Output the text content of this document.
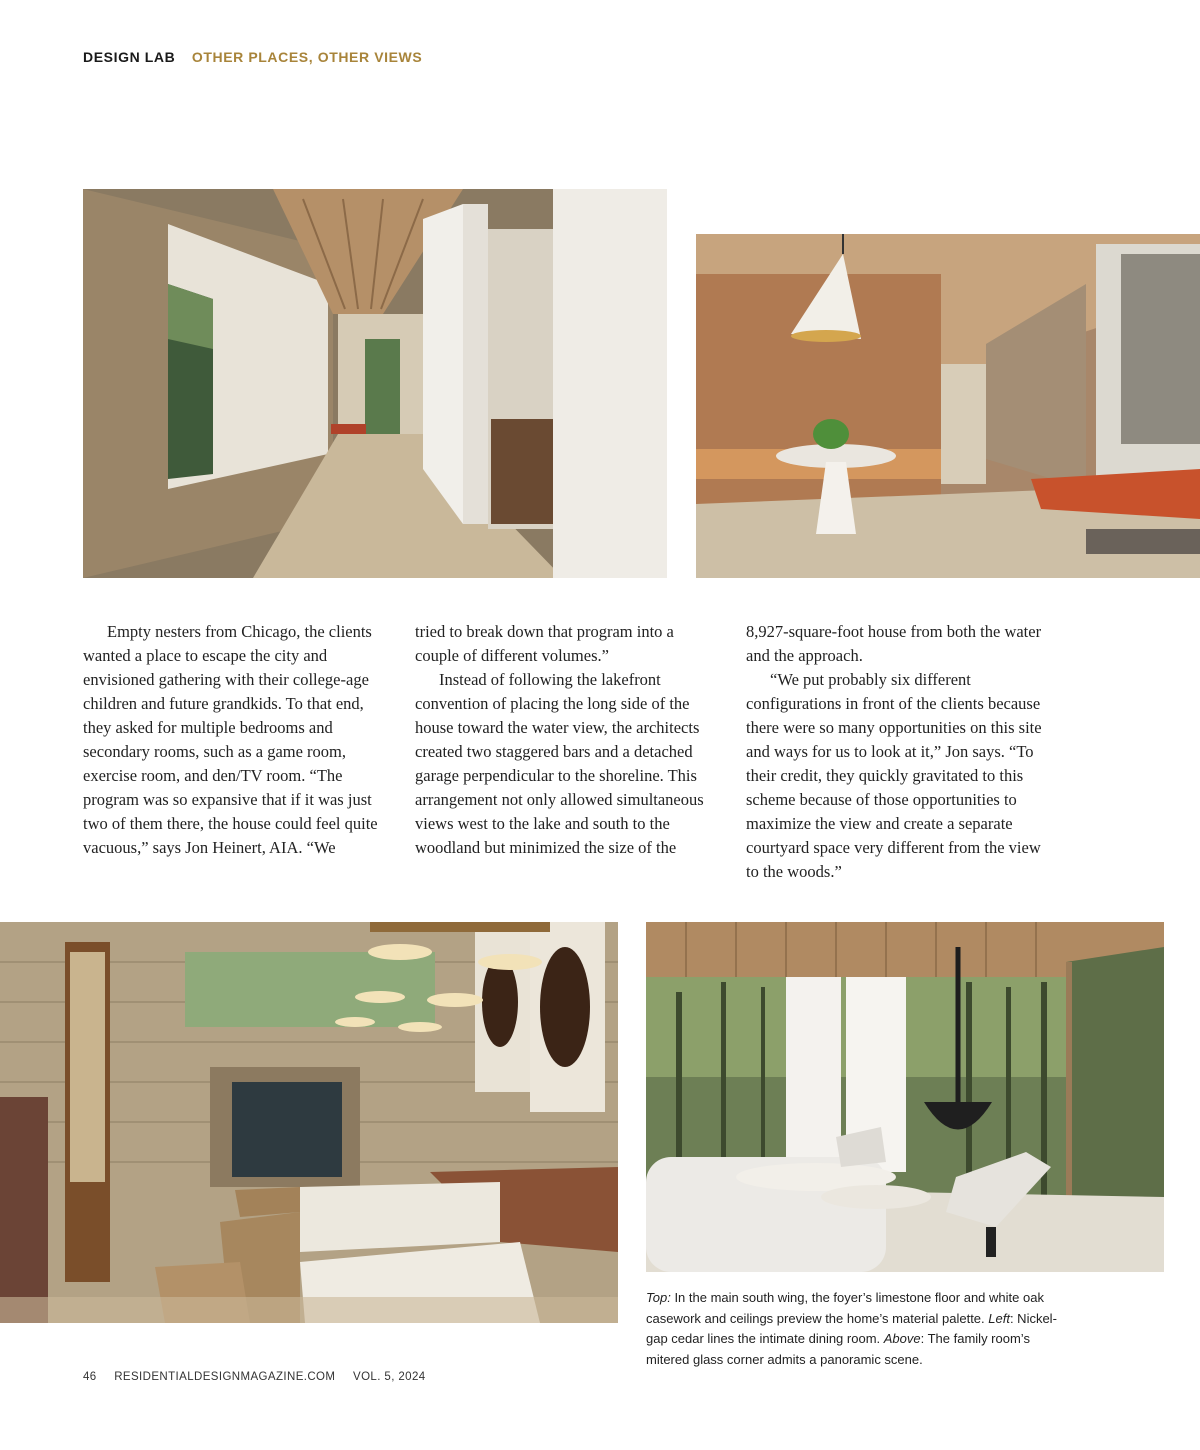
DESIGN LAB OTHER PLACES, OTHER VIEWS

Empty nesters from Chicago, the clients wanted a place to escape the city and envisioned gathering with their college-age children and future grandkids. To that end, they asked for multiple bedrooms and secondary rooms, such as a game room, exercise room, and den/TV room. “The program was so expansive that if it was just two of them there, the house could feel quite vacuous,” says Jon Heinert, AIA. “We

tried to break down that program into a couple of different volumes.”

Instead of following the lakefront convention of placing the long side of the house toward the water view, the architects created two staggered bars and a detached garage perpendicular to the shoreline. This arrangement not only allowed simultaneous views west to the lake and south to the woodland but minimized the size of the

8,927-square-foot house from both the water and the approach.

“We put probably six different configurations in front of the clients because there were so many opportunities on this site and ways for us to look at it,” Jon says. “To their credit, they quickly gravitated to this scheme because of those opportunities to maximize the view and create a separate courtyard space very different from the view to the woods.”

Top: In the main south wing, the foyer’s limestone floor and white oak casework and ceilings preview the home’s material palette. Left: Nickel-gap cedar lines the intimate dining room. Above: The family room’s mitered glass corner admits a panoramic scene.
46 RESIDENTIALDESIGNMAGAZINE.COM VOL. 5, 2024
